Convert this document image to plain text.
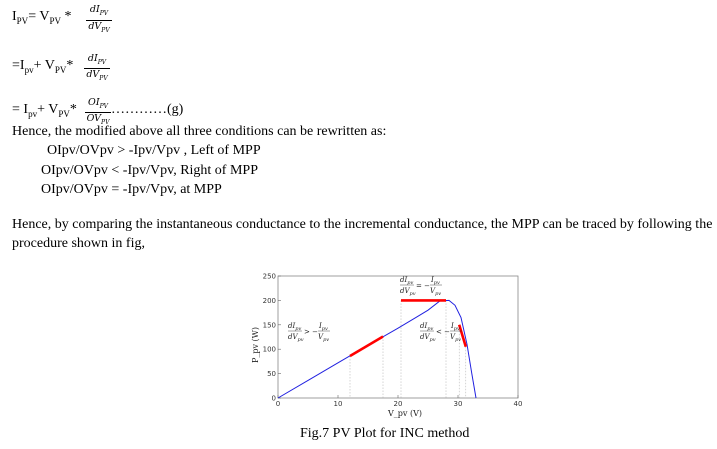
$I_{PV}= V_{PV}$ *	$dI_{PV}$
$dV_{PV}$
$=I_{pv}+ V_{PV}*$	$dI_{PV}$
$dV_{PV}$
= $I_{pv}+ V_{PV}*$ $OI_{PV}$
$OV_{PV}$
…………(g)
Hence, the modified above all three conditions can be rewritten as:
OIpv/OVpv > -Ipv/Vpv , Left of MPP
OIpv/OVpv < -Ipv/Vpv, Right of MPP
OIpv/OVpv = -Ipv/Vpv, at MPP
Hence, by comparing the instantaneous conductance to the incremental conductance, the MPP can be traced by following the
procedure shown in fig,
0
50
100
150
200
250
0	10	20	30	40
$dI_{pv}$
$dV_{pv}$
> −
$I_{pv}$
$V_{pv}$
$dI_{pv}$
$dV_{pv}$
= −
$I_{pv}$
$V_{pv}$
$dI_{pv}$
$dV_{pv}$
< −
$I_{pv}$
$V_{pv}$
V_pv (V)
P_pv (W)
Fig.7 PV Plot for INC method
